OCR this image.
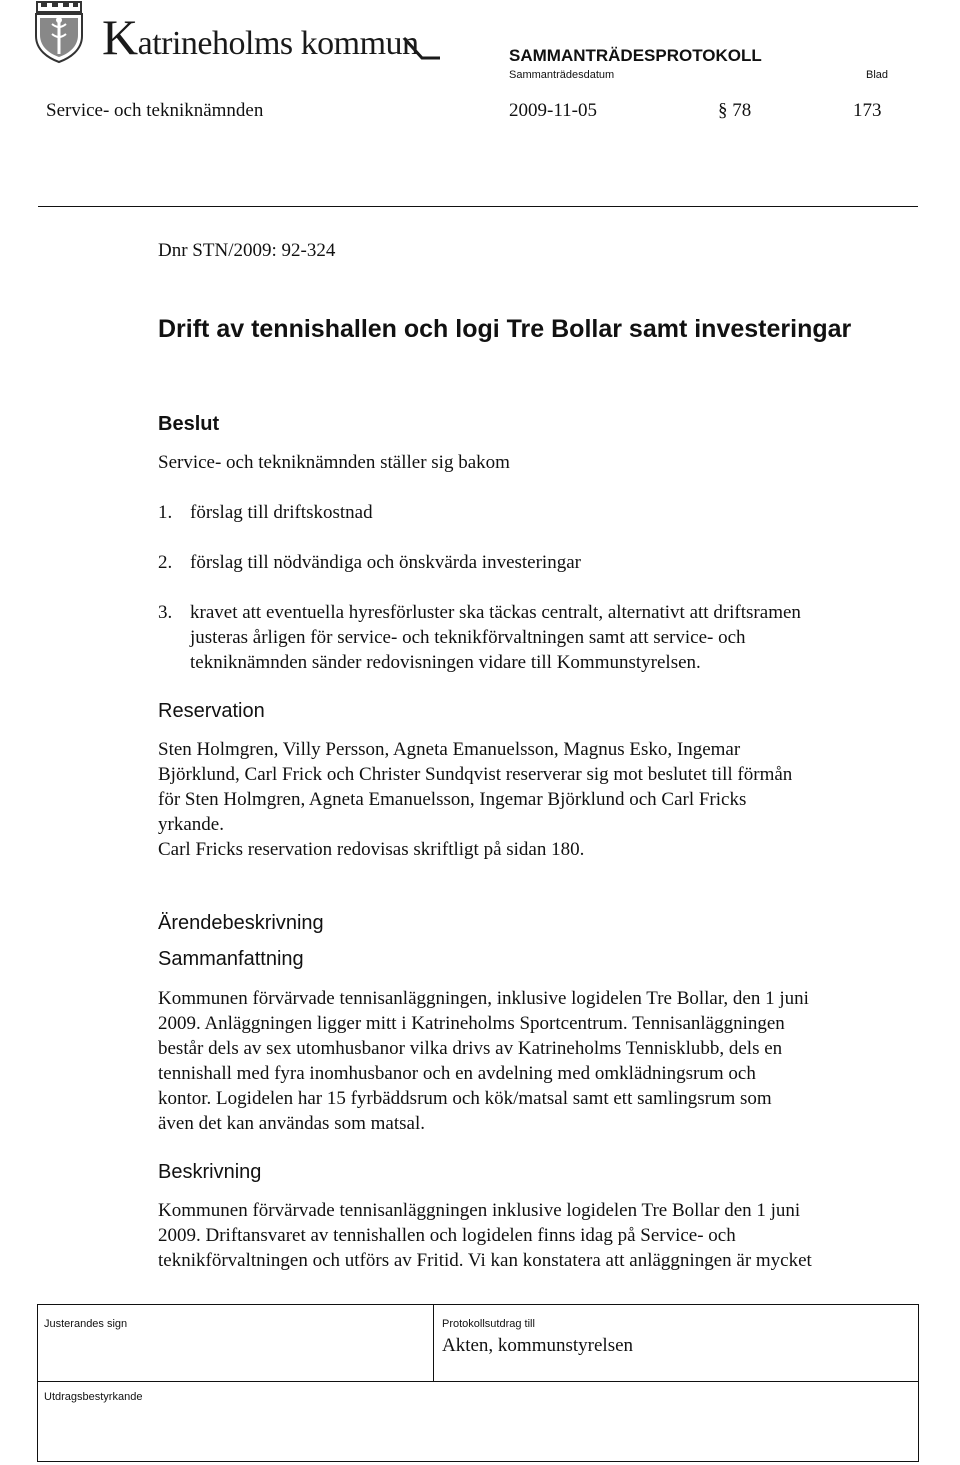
Katrineholms kommun	SAMMANTRÄDESPROTOKOLL
Sammanträdesdatum	Blad
Service- och tekniknämnden	2009-11-05	§ 78	173
Dnr STN/2009: 92-324
Drift av tennishallen och logi Tre Bollar samt investeringar
Beslut
Service- och tekniknämnden ställer sig bakom
1. förslag till driftskostnad
2. förslag till nödvändiga och önskvärda investeringar
3. kravet att eventuella hyresförluster ska täckas centralt, alternativt att driftsramen
justeras årligen för service- och teknikförvaltningen samt att service- och
tekniknämnden sänder redovisningen vidare till Kommunstyrelsen.
Reservation
Sten Holmgren, Villy Persson, Agneta Emanuelsson, Magnus Esko, Ingemar
Björklund, Carl Frick och Christer Sundqvist reserverar sig mot beslutet till förmån
för Sten Holmgren, Agneta Emanuelsson, Ingemar Björklund och Carl Fricks
yrkande.
Carl Fricks reservation redovisas skriftligt på sidan 180.
Ärendebeskrivning
Sammanfattning
Kommunen förvärvade tennisanläggningen, inklusive logidelen Tre Bollar, den 1 juni
2009. Anläggningen ligger mitt i Katrineholms Sportcentrum. Tennisanläggningen
består dels av sex utomhusbanor vilka drivs av Katrineholms Tennisklubb, dels en
tennishall med fyra inomhusbanor och en avdelning med omklädningsrum och
kontor. Logidelen har 15 fyrbäddsrum och kök/matsal samt ett samlingsrum som
även det kan användas som matsal.
Beskrivning
Kommunen förvärvade tennisanläggningen inklusive logidelen Tre Bollar den 1 juni
2009. Driftansvaret av tennishallen och logidelen finns idag på Service- och
teknikförvaltningen och utförs av Fritid. Vi kan konstatera att anläggningen är mycket
Justerandes sign	Protokollsutdrag till
Akten, kommunstyrelsen
Utdragsbestyrkande
